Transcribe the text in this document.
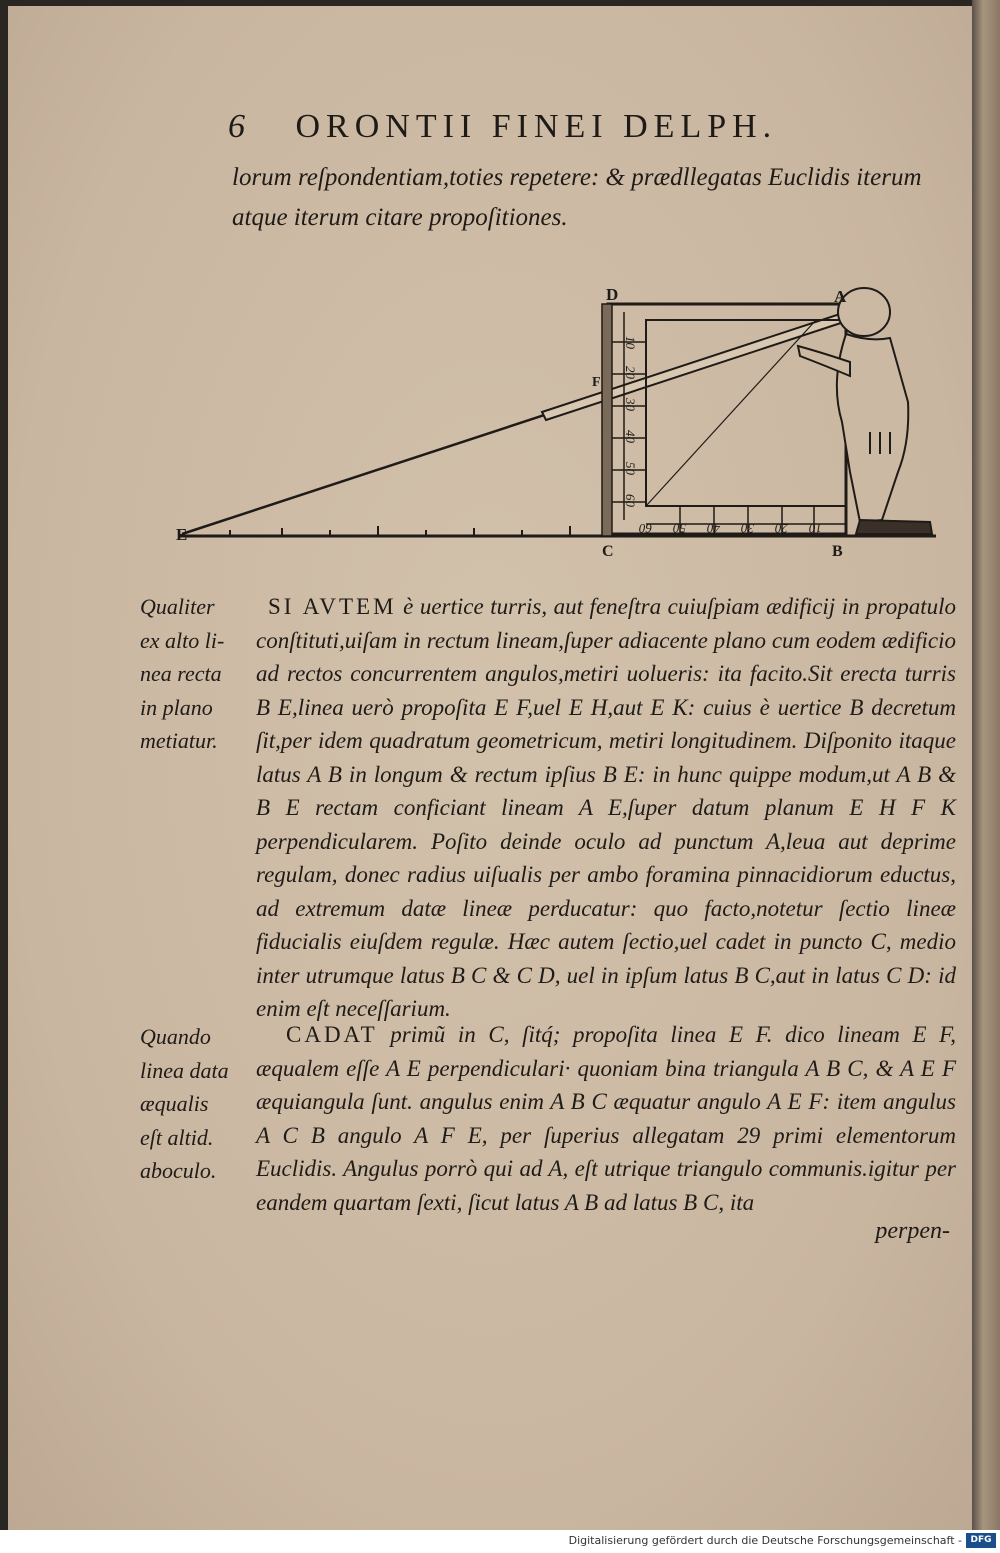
6 ORONTII FINEI DELPH.
lorum reſpondentiam,toties repetere: & prædllegatas Euclidis iterum
atque iterum citare propoſitiones.
D	A
F
E
C	B
10
20
30
40
50
60
10
20
30
40
50
60
Qualiter
ex alto li-
nea recta
in plano
metiatur.
Quando
linea data
æqualis
eſt altid.
aboculo.
SI AVTEM è uertice turris, aut feneſtra cuiuſpiam ædificij in propatulo conſtituti,uiſam in rectum lineam,ſuper adiacente plano cum eodem ædificio ad rectos concurrentem angulos,metiri uolueris: ita facito.Sit erecta turris B E,linea uerò propoſita E F,uel E H,aut E K: cuius è uertice B decretum ſit,per idem quadratum geometricum, metiri longitudinem. Diſponito itaque latus A B in longum & rectum ipſius B E: in hunc quippe modum,ut A B & B E rectam conficiant lineam A E,ſuper datum planum E H F K perpendicularem. Poſito deinde oculo ad punctum A,leua aut deprime regulam, donec radius uiſualis per ambo foramina pinnacidiorum eductus, ad extremum datæ lineæ perducatur: quo facto,notetur ſectio lineæ fiducialis eiuſdem regulæ. Hæc autem ſectio,uel cadet in puncto C, medio inter utrumque latus B C & C D, uel in ipſum latus B C,aut in latus C D: id enim eſt neceſſarium.
CADAT primũ in C, ſitq́; propoſita linea E F. dico lineam E F, æqualem eſſe A E perpendiculari· quoniam bina triangula A B C, & A E F æquiangula ſunt. angulus enim A B C æquatur angulo A E F: item angulus A C B angulo A F E, per ſuperius allegatam 29 primi elementorum Euclidis. Angulus porrò qui ad A, eſt utrique triangulo communis.igitur per eandem quartam ſexti, ſicut latus A B ad latus B C, ita
perpen-
Digitalisierung gefördert durch die Deutsche Forschungsgemeinschaft - DFG
